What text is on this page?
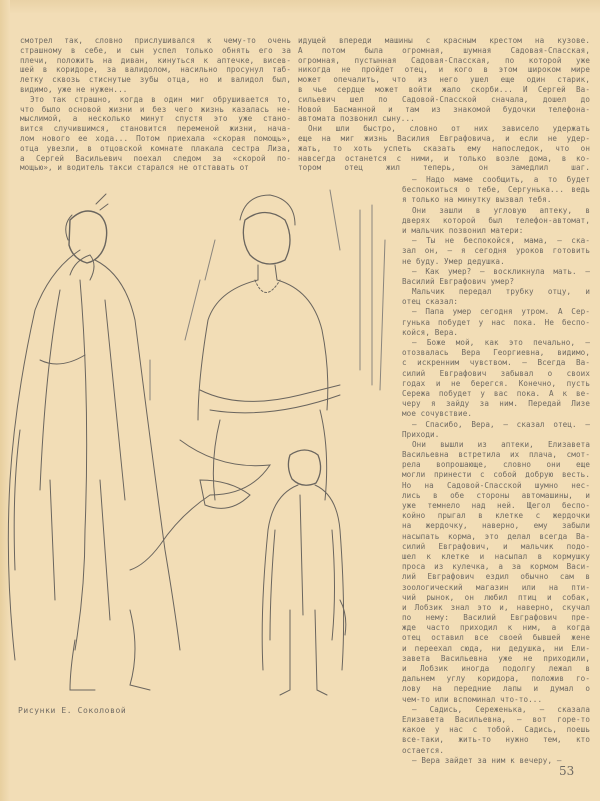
смотрел так, словно прислушивался к чему-то очень
страшному в себе, и сын успел только обнять его за
плечи, положить на диван, кинуться к аптечке, висев-
шей в коридоре, за валидолом, насильно просунул таб-
летку сквозь стиснутые зубы отца, но и валидол был,
видимо, уже не нужен...
Это так страшно, когда в один миг обрушивается то,
что было основой жизни и без чего жизнь казалась не-
мыслимой, а несколько минут спустя это уже стано-
вится случившимся, становится переменой жизни, нача-
лом нового ее хода... Потом приехала «скорая помощь»,
отца увезли, в отцовской комнате плакала сестра Лиза,
а Сергей Васильевич поехал следом за «скорой по-
мощью», и водитель такси старался не отставать от
идущей впереди машины с красным крестом на кузове.
А потом была огромная, шумная Садовая-Спасская,
огромная, пустынная Садовая-Спасская, по которой уже
никогда не пройдет отец, и кого в этом широком мире
может опечалить, что из него ушел еще один старик,
в чье сердце может войти жало скорби... И Сергей Ва-
сильевич шел по Садовой-Спасской сначала, дошел до
Новой Басманной и там из знакомой будочки телефона-
автомата позвонил сыну...
Они шли быстро, словно от них зависело удержать
еще на миг жизнь Василия Евграфовича, и если не удер-
жать, то хоть успеть сказать ему напоследок, что он
навсегда останется с ними, и только возле дома, в ко-
тором отец жил теперь, он замедлил шаг.
— Надо маме сообщить, а то будет
беспокоиться о тебе, Сергунька... ведь
я только на минутку вызвал тебя.
Они зашли в угловую аптеку, в
дверях которой был телефон-автомат,
и мальчик позвонил матери:
— Ты не беспокойся, мама, — ска-
зал он, — я сегодня уроков готовить
не буду. Умер дедушка.
— Как умер? — воскликнула мать. —
Василий Евграфович умер?
Мальчик передал трубку отцу, и
отец сказал:
— Папа умер сегодня утром. А Сер-
гунька побудет у нас пока. Не беспо-
койся, Вера.
— Боже мой, как это печально, —
отозвалась Вера Георгиевна, видимо,
с искренним чувством. — Всегда Ва-
силий Евграфович забывал о своих
годах и не берегся. Конечно, пусть
Сережа побудет у вас пока. А к ве-
черу я зайду за ним. Передай Лизе
мое сочувствие.
— Спасибо, Вера, — сказал отец. —
Приходи.
Они вышли из аптеки, Елизавета
Васильевна встретила их плача, смот-
рела вопрошающе, словно они еще
могли принести с собой добрую весть.
Но на Садовой-Спасской шумно нес-
лись в обе стороны автомашины, и
уже темнело над ней. Щегол беспо-
койно прыгал в клетке с жердочки
на жердочку, наверно, ему забыли
насыпать корма, это делал всегда Ва-
силий Евграфович, и мальчик подо-
шел к клетке и насыпал в кормушку
проса из кулечка, а за кормом Васи-
лий Евграфович ездил обычно сам в
зоологический магазин или на пти-
чий рынок, он любил птиц и собак,
и Лобзик знал это и, наверно, скучал
по нему: Василий Евграфович пре-
жде часто приходил к ним, а когда
отец оставил все своей бывшей жене
и переехал сюда, ни дедушка, ни Ели-
завета Васильевна уже не приходили,
и Лобзик иногда подолгу лежал в
дальнем углу коридора, положив го-
лову на передние лапы и думал о
чем-то или вспоминал что-то...
— Садись, Сереженька, — сказала
Елизавета Васильевна, — вот горе-то
какое у нас с тобой. Садись, поешь
все-таки, жить-то нужно тем, кто
остается.
— Вера зайдет за ним к вечеру, —
Рисунки Е. Соколовой
53
